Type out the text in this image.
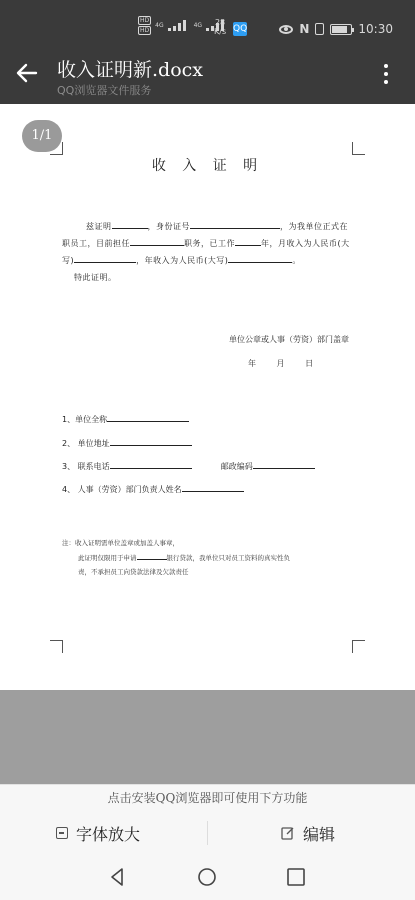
HD
HD
4G	4G 28
K/s QQ	N	10:30
收入证明新.docx
QQ浏览器文件服务
1/1
收 入 证 明
兹证明	，身份证号	，为我单位正式在职员工，目前担任	职务，已工作	年，月收入为人民币(大写)	，年收入为人民币(大写)	。
特此证明。
单位公章或人事（劳资）部门盖章
年	月	日
1、单位全称
2、 单位地址
3、 联系电话	邮政编码
4、 人事（劳资）部门负责人姓名
注：收入证明需单位盖章或加盖人事章，
此证明仅限用于申请	银行贷款，我单位只对员工资料的真实性负
责，不承担员工向贷款法律及欠款责任
点击安装QQ浏览器即可使用下方功能
字体放大	编辑
